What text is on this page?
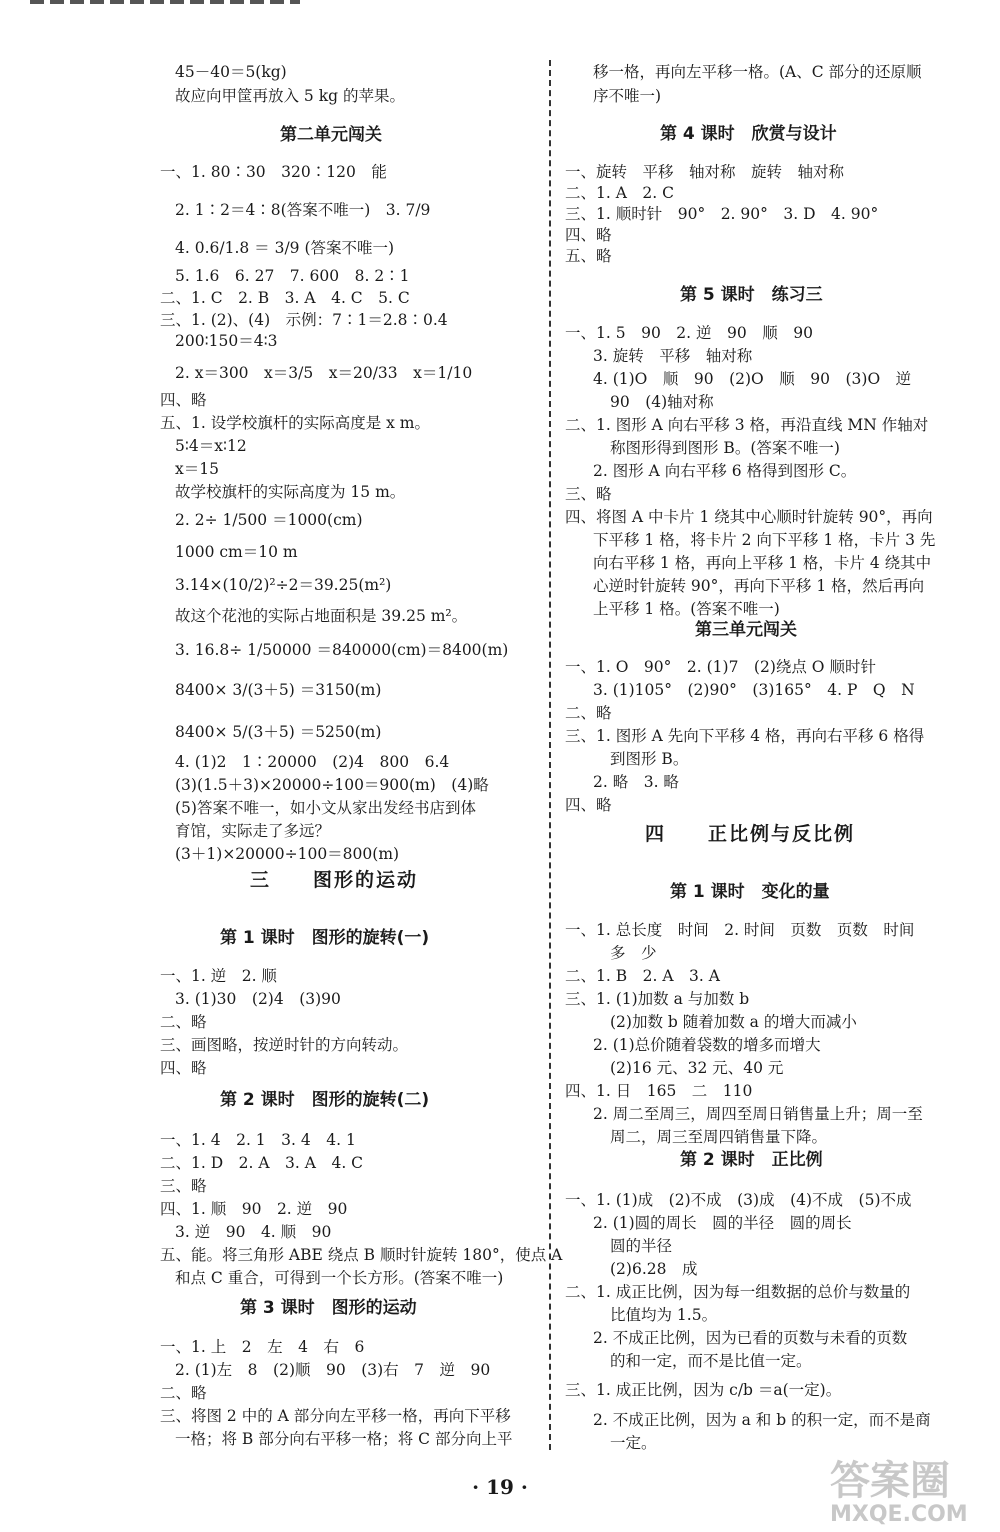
45－40＝5(kg)
故应向甲筐再放入 5 kg 的苹果。
第二单元闯关
一、1. 80∶30　320∶120　能
2. 1∶2＝4∶8(答案不唯一)　3. 7/9
4. 0.6/1.8 ＝ 3/9 (答案不唯一)
5. 1.6　6. 27　7. 600　8. 2∶1
二、1. C　2. B　3. A　4. C　5. C
三、1. (2)、(4)　示例：7∶1＝2.8∶0.4
200∶150＝4∶3
2. x＝300　x＝3/5　x＝20/33　x＝1/10
四、略
五、1. 设学校旗杆的实际高度是 x m。
5∶4＝x∶12
x＝15
故学校旗杆的实际高度为 15 m。
2. 2÷ 1/500 ＝1000(cm)
1000 cm＝10 m
3.14×(10/2)²÷2＝39.25(m²)
故这个花池的实际占地面积是 39.25 m²。
3. 16.8÷ 1/50000 ＝840000(cm)＝8400(m)
8400× 3/(3＋5) ＝3150(m)
8400× 5/(3＋5) ＝5250(m)
4. (1)2　1∶20000　(2)4　800　6.4
(3)(1.5＋3)×20000÷100＝900(m)　(4)略
(5)答案不唯一，如小文从家出发经书店到体
育馆，实际走了多远？
(3＋1)×20000÷100＝800(m)
三　　图形的运动
第 1 课时　图形的旋转(一)
一、1. 逆　2. 顺
3. (1)30　(2)4　(3)90
二、略
三、画图略，按逆时针的方向转动。
四、略
第 2 课时　图形的旋转(二)
一、1. 4　2. 1　3. 4　4. 1
二、1. D　2. A　3. A　4. C
三、略
四、1. 顺　90　2. 逆　90
3. 逆　90　4. 顺　90
五、能。将三角形 ABE 绕点 B 顺时针旋转 180°，使点 A
和点 C 重合，可得到一个长方形。(答案不唯一)
第 3 课时　图形的运动
一、1. 上　2　左　4　右　6
2. (1)左　8　(2)顺　90　(3)右　7　逆　90
二、略
三、将图 2 中的 A 部分向左平移一格，再向下平移
一格；将 B 部分向右平移一格；将 C 部分向上平
移一格，再向左平移一格。(A、C 部分的还原顺
序不唯一)
第 4 课时　欣赏与设计
一、旋转　平移　轴对称　旋转　轴对称
二、1. A　2. C
三、1. 顺时针　90°　2. 90°　3. D　4. 90°
四、略
五、略
第 5 课时　练习三
一、1. 5　90　2. 逆　90　顺　90
3. 旋转　平移　轴对称
4. (1)O　顺　90　(2)O　顺　90　(3)O　逆
90　(4)轴对称
二、1. 图形 A 向右平移 3 格，再沿直线 MN 作轴对
称图形得到图形 B。(答案不唯一)
2. 图形 A 向右平移 6 格得到图形 C。
三、略
四、将图 A 中卡片 1 绕其中心顺时针旋转 90°，再向
下平移 1 格，将卡片 2 向下平移 1 格，卡片 3 先
向右平移 1 格，再向上平移 1 格，卡片 4 绕其中
心逆时针旋转 90°，再向下平移 1 格，然后再向
上平移 1 格。(答案不唯一)
第三单元闯关
一、1. O　90°　2. (1)7　(2)绕点 O 顺时针
3. (1)105°　(2)90°　(3)165°　4. P　Q　N
二、略
三、1. 图形 A 先向下平移 4 格，再向右平移 6 格得
到图形 B。
2. 略　3. 略
四、略
四　　正比例与反比例
第 1 课时　变化的量
一、1. 总长度　时间　2. 时间　页数　页数　时间
多　少
二、1. B　2. A　3. A
三、1. (1)加数 a 与加数 b
(2)加数 b 随着加数 a 的增大而减小
2. (1)总价随着袋数的增多而增大
(2)16 元、32 元、40 元
四、1. 日　165　二　110
2. 周二至周三，周四至周日销售量上升；周一至
周二，周三至周四销售量下降。
第 2 课时　正比例
一、1. (1)成　(2)不成　(3)成　(4)不成　(5)不成
2. (1)圆的周长　圆的半径　圆的周长
圆的半径
(2)6.28　成
二、1. 成正比例，因为每一组数据的总价与数量的
比值均为 1.5。
2. 不成正比例，因为已看的页数与未看的页数
的和一定，而不是比值一定。
三、1. 成正比例，因为 c/b ＝a(一定)。
2. 不成正比例，因为 a 和 b 的积一定，而不是商
一定。
· 19 ·	答案圈
MXQE.COM
